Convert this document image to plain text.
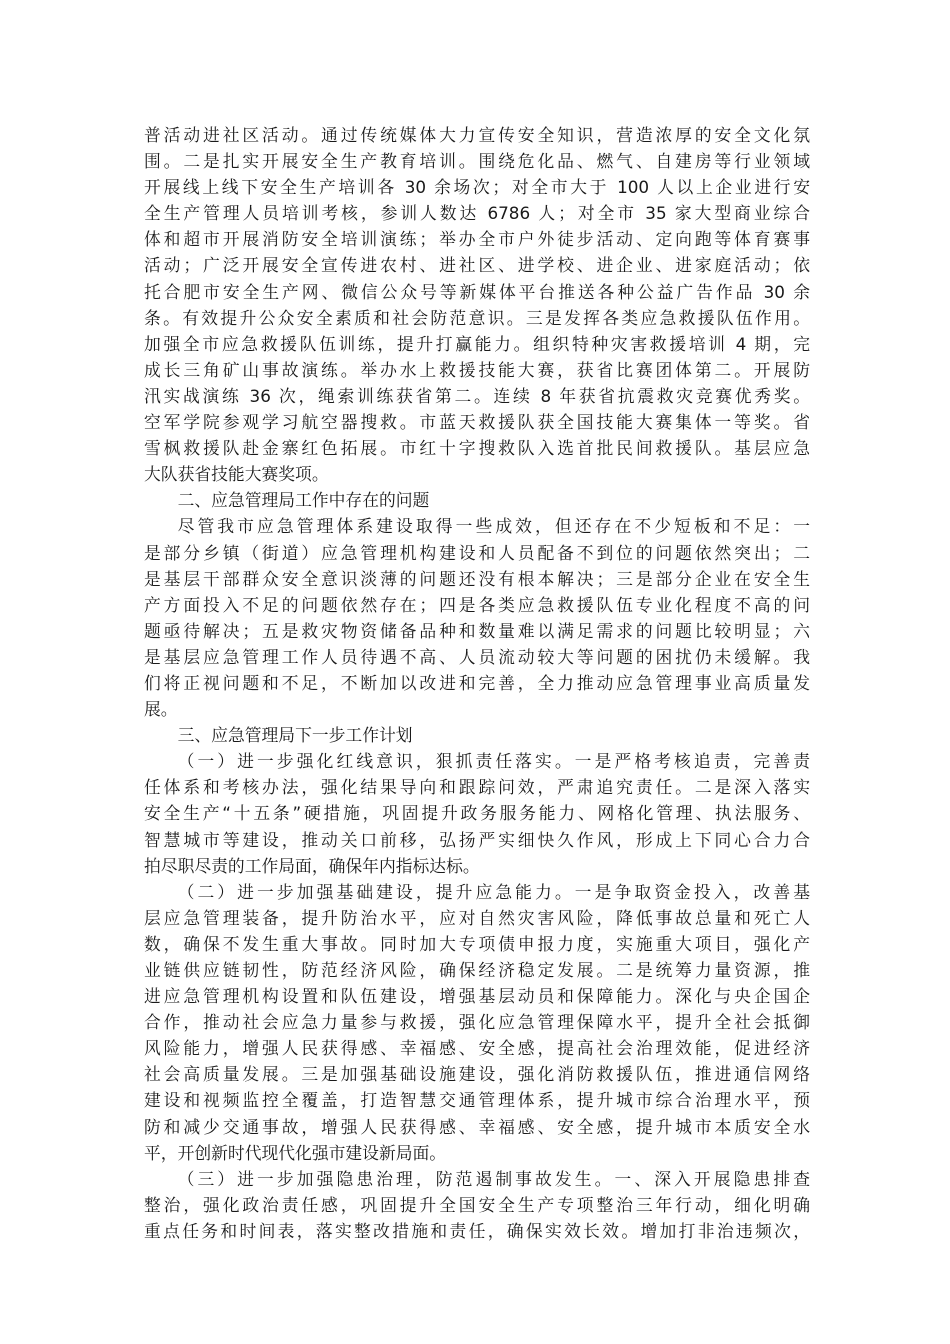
普活动进社区活动。通过传统媒体大力宣传安全知识，营造浓厚的安全文化氛
围。二是扎实开展安全生产教育培训。围绕危化品、燃气、自建房等行业领域
开展线上线下安全生产培训各 30 余场次；对全市大于 100 人以上企业进行安
全生产管理人员培训考核，参训人数达 6786 人；对全市 35 家大型商业综合
体和超市开展消防安全培训演练；举办全市户外徒步活动、定向跑等体育赛事
活动；广泛开展安全宣传进农村、进社区、进学校、进企业、进家庭活动；依
托合肥市安全生产网、微信公众号等新媒体平台推送各种公益广告作品 30 余
条。有效提升公众安全素质和社会防范意识。三是发挥各类应急救援队伍作用。
加强全市应急救援队伍训练，提升打赢能力。组织特种灾害救援培训 4 期，完
成长三角矿山事故演练。举办水上救援技能大赛，获省比赛团体第二。开展防
汛实战演练 36 次，绳索训练获省第二。连续 8 年获省抗震救灾竞赛优秀奖。
空军学院参观学习航空器搜救。市蓝天救援队获全国技能大赛集体一等奖。省
雪枫救援队赴金寨红色拓展。市红十字搜救队入选首批民间救援队。基层应急
大队获省技能大赛奖项。
二、应急管理局工作中存在的问题
尽管我市应急管理体系建设取得一些成效，但还存在不少短板和不足：一
是部分乡镇（街道）应急管理机构建设和人员配备不到位的问题依然突出；二
是基层干部群众安全意识淡薄的问题还没有根本解决；三是部分企业在安全生
产方面投入不足的问题依然存在；四是各类应急救援队伍专业化程度不高的问
题亟待解决；五是救灾物资储备品种和数量难以满足需求的问题比较明显；六
是基层应急管理工作人员待遇不高、人员流动较大等问题的困扰仍未缓解。我
们将正视问题和不足，不断加以改进和完善，全力推动应急管理事业高质量发
展。
三、应急管理局下一步工作计划
（一）进一步强化红线意识，狠抓责任落实。一是严格考核追责，完善责
任体系和考核办法，强化结果导向和跟踪问效，严肃追究责任。二是深入落实
安全生产“十五条”硬措施，巩固提升政务服务能力、网格化管理、执法服务、
智慧城市等建设，推动关口前移，弘扬严实细快久作风，形成上下同心合力合
拍尽职尽责的工作局面，确保年内指标达标。
（二）进一步加强基础建设，提升应急能力。一是争取资金投入，改善基
层应急管理装备，提升防治水平，应对自然灾害风险，降低事故总量和死亡人
数，确保不发生重大事故。同时加大专项债申报力度，实施重大项目，强化产
业链供应链韧性，防范经济风险，确保经济稳定发展。二是统筹力量资源，推
进应急管理机构设置和队伍建设，增强基层动员和保障能力。深化与央企国企
合作，推动社会应急力量参与救援，强化应急管理保障水平，提升全社会抵御
风险能力，增强人民获得感、幸福感、安全感，提高社会治理效能，促进经济
社会高质量发展。三是加强基础设施建设，强化消防救援队伍，推进通信网络
建设和视频监控全覆盖，打造智慧交通管理体系，提升城市综合治理水平，预
防和减少交通事故，增强人民获得感、幸福感、安全感，提升城市本质安全水
平，开创新时代现代化强市建设新局面。
（三）进一步加强隐患治理，防范遏制事故发生。一、深入开展隐患排查
整治，强化政治责任感，巩固提升全国安全生产专项整治三年行动，细化明确
重点任务和时间表，落实整改措施和责任，确保实效长效。增加打非治违频次，
